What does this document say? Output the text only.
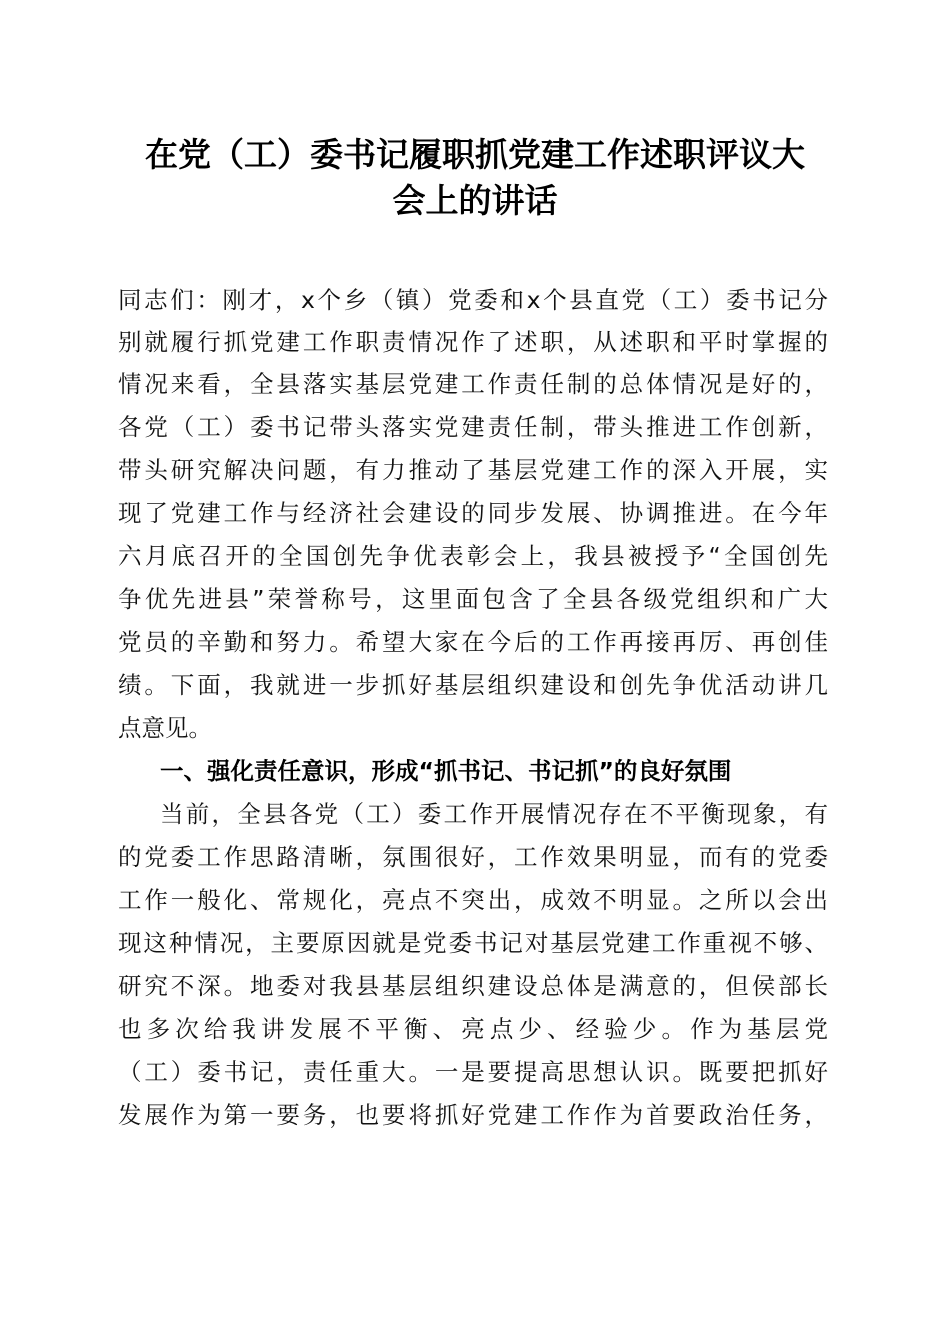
在党（工）委书记履职抓党建工作述职评议大
会上的讲话
同志们：刚才，x个乡（镇）党委和x个县直党（工）委书记分
别就履行抓党建工作职责情况作了述职，从述职和平时掌握的
情况来看，全县落实基层党建工作责任制的总体情况是好的，
各党（工）委书记带头落实党建责任制，带头推进工作创新，
带头研究解决问题，有力推动了基层党建工作的深入开展，实
现了党建工作与经济社会建设的同步发展、协调推进。在今年
六月底召开的全国创先争优表彰会上，我县被授予“全国创先
争优先进县”荣誉称号，这里面包含了全县各级党组织和广大
党员的辛勤和努力。希望大家在今后的工作再接再厉、再创佳
绩。下面，我就进一步抓好基层组织建设和创先争优活动讲几
点意见。
一、强化责任意识，形成“抓书记、书记抓”的良好氛围
当前，全县各党（工）委工作开展情况存在不平衡现象，有
的党委工作思路清晰，氛围很好，工作效果明显，而有的党委
工作一般化、常规化，亮点不突出，成效不明显。之所以会出
现这种情况，主要原因就是党委书记对基层党建工作重视不够、
研究不深。地委对我县基层组织建设总体是满意的，但侯部长
也多次给我讲发展不平衡、亮点少、经验少。作为基层党
（工）委书记，责任重大。一是要提高思想认识。既要把抓好
发展作为第一要务，也要将抓好党建工作作为首要政治任务，
